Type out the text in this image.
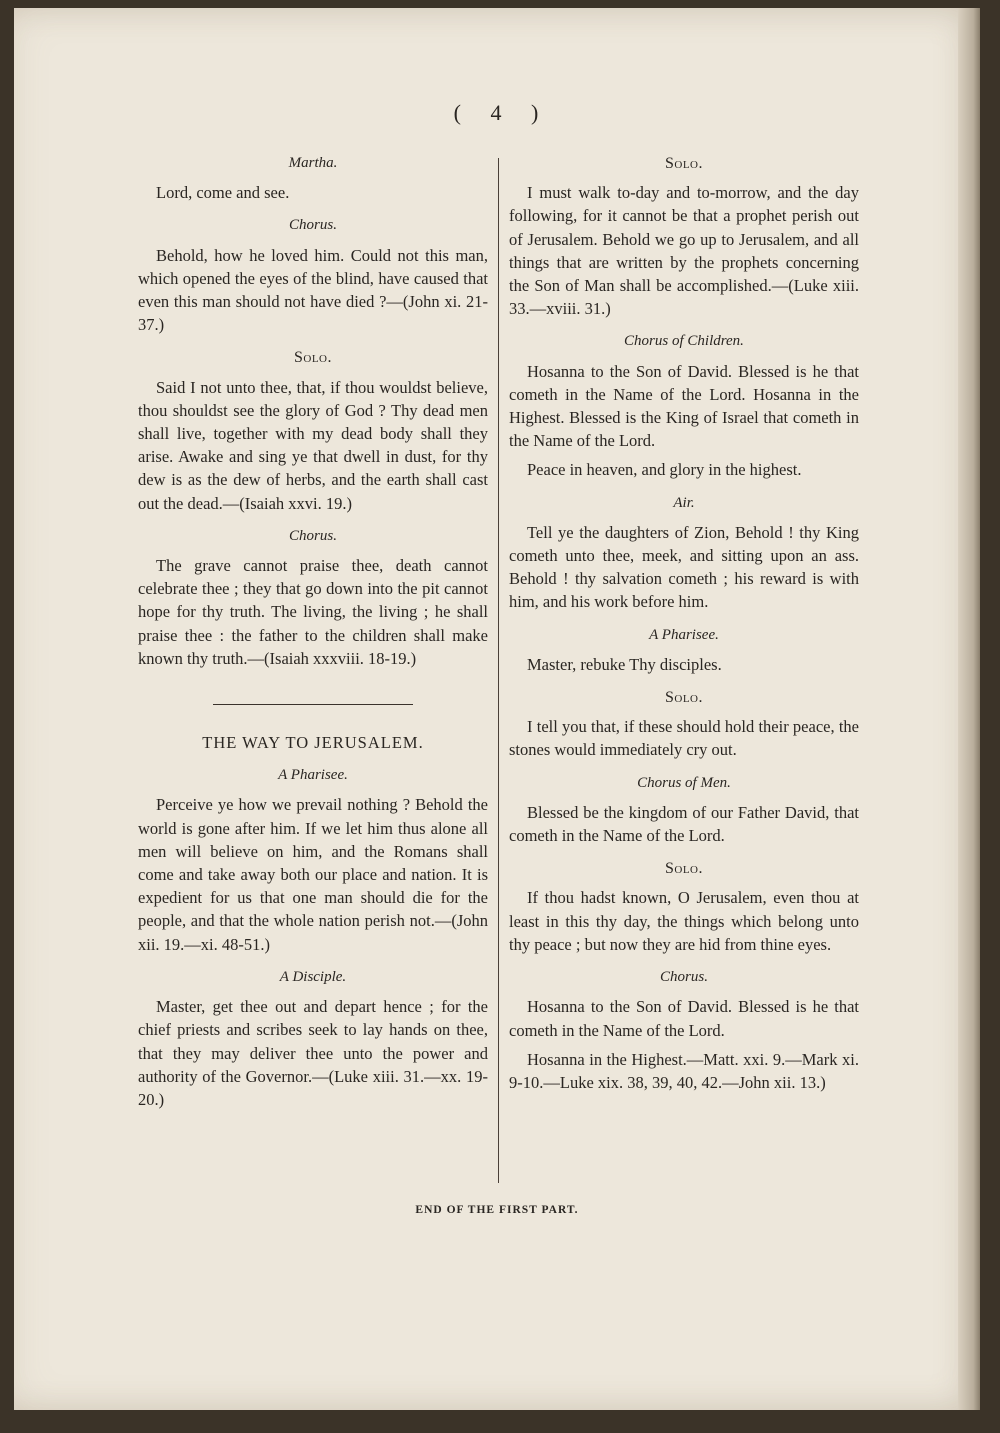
( 4 )
Martha.

Lord, come and see.

Chorus.

Behold, how he loved him. Could not this man, which opened the eyes of the blind, have caused that even this man should not have died ?—(John xi. 21-37.)

Solo.

Said I not unto thee, that, if thou wouldst believe, thou shouldst see the glory of God ? Thy dead men shall live, together with my dead body shall they arise. Awake and sing ye that dwell in dust, for thy dew is as the dew of herbs, and the earth shall cast out the dead.—(Isaiah xxvi. 19.)

Chorus.

The grave cannot praise thee, death cannot celebrate thee ; they that go down into the pit cannot hope for thy truth. The living, the living ; he shall praise thee : the father to the children shall make known thy truth.—(Isaiah xxxviii. 18-19.)

THE WAY TO JERUSALEM.
A Pharisee.

Perceive ye how we prevail nothing ? Behold the world is gone after him. If we let him thus alone all men will believe on him, and the Romans shall come and take away both our place and nation. It is expedient for us that one man should die for the people, and that the whole nation perish not.—(John xii. 19.—xi. 48-51.)

A Disciple.

Master, get thee out and depart hence ; for the chief priests and scribes seek to lay hands on thee, that they may deliver thee unto the power and authority of the Governor.—(Luke xiii. 31.—xx. 19-20.)

Solo.

I must walk to-day and to-morrow, and the day following, for it cannot be that a prophet perish out of Jerusalem. Behold we go up to Jerusalem, and all things that are written by the prophets concerning the Son of Man shall be accomplished.—(Luke xiii. 33.—xviii. 31.)

Chorus of Children.

Hosanna to the Son of David. Blessed is he that cometh in the Name of the Lord. Hosanna in the Highest. Blessed is the King of Israel that cometh in the Name of the Lord.

Peace in heaven, and glory in the highest.

Air.

Tell ye the daughters of Zion, Behold ! thy King cometh unto thee, meek, and sitting upon an ass. Behold ! thy salvation cometh ; his reward is with him, and his work before him.

A Pharisee.

Master, rebuke Thy disciples.

Solo.

I tell you that, if these should hold their peace, the stones would immediately cry out.

Chorus of Men.

Blessed be the kingdom of our Father David, that cometh in the Name of the Lord.

Solo.

If thou hadst known, O Jerusalem, even thou at least in this thy day, the things which belong unto thy peace ; but now they are hid from thine eyes.

Chorus.

Hosanna to the Son of David. Blessed is he that cometh in the Name of the Lord.

Hosanna in the Highest.—Matt. xxi. 9.—Mark xi. 9-10.—Luke xix. 38, 39, 40, 42.—John xii. 13.)

END OF THE FIRST PART.
